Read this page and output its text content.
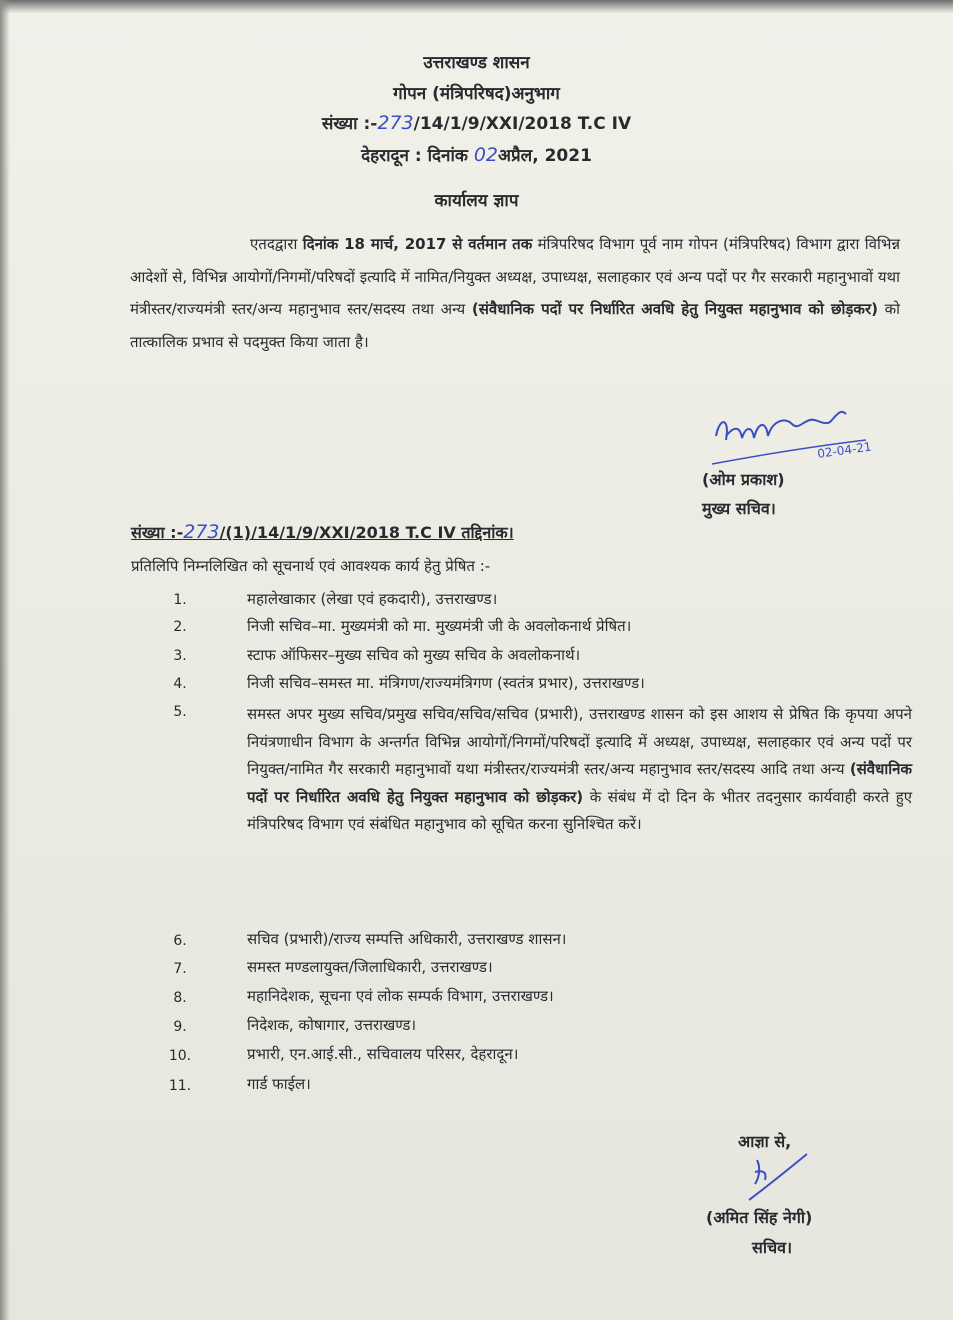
उत्तराखण्ड शासन
गोपन (मंत्रिपरिषद)अनुभाग
संख्या :-273/14/1/9/XXI/2018 T.C IV
देहरादून : दिनांक 02अप्रैल, 2021
कार्यालय ज्ञाप
एतदद्वारा दिनांक 18 मार्च, 2017 से वर्तमान तक मंत्रिपरिषद विभाग पूर्व नाम गोपन (मंत्रिपरिषद) विभाग द्वारा विभिन्न आदेशों से, विभिन्न आयोगों/निगमों/परिषदों इत्यादि में नामित/नियुक्त अध्यक्ष, उपाध्यक्ष, सलाहकार एवं अन्य पदों पर गैर सरकारी महानुभावों यथा मंत्रीस्तर/राज्यमंत्री स्तर/अन्य महानुभाव स्तर/सदस्य तथा अन्य (संवैधानिक पदों पर निर्धारित अवधि हेतु नियुक्त महानुभाव को छोड़कर) को तात्कालिक प्रभाव से पदमुक्त किया जाता है।
02-04-21
(ओम प्रकाश)
मुख्य सचिव।
संख्या :-273/(1)/14/1/9/XXI/2018 T.C IV तद्दिनांक।
प्रतिलिपि निम्नलिखित को सूचनार्थ एवं आवश्यक कार्य हेतु प्रेषित :-
1.	महालेखाकार (लेखा एवं हकदारी), उत्तराखण्ड।
2.	निजी सचिव–मा. मुख्यमंत्री को मा. मुख्यमंत्री जी के अवलोकनार्थ प्रेषित।
3.	स्टाफ ऑफिसर–मुख्य सचिव को मुख्य सचिव के अवलोकनार्थ।
4.	निजी सचिव–समस्त मा. मंत्रिगण/राज्यमंत्रिगण (स्वतंत्र प्रभार), उत्तराखण्ड।
5.	समस्त अपर मुख्य सचिव/प्रमुख सचिव/सचिव/सचिव (प्रभारी), उत्तराखण्ड शासन को इस आशय से प्रेषित कि कृपया अपने नियंत्रणाधीन विभाग के अन्तर्गत विभिन्न आयोगों/निगमों/परिषदों इत्यादि में अध्यक्ष, उपाध्यक्ष, सलाहकार एवं अन्य पदों पर नियुक्त/नामित गैर सरकारी महानुभावों यथा मंत्रीस्तर/राज्यमंत्री स्तर/अन्य महानुभाव स्तर/सदस्य आदि तथा अन्य (संवैधानिक पदों पर निर्धारित अवधि हेतु नियुक्त महानुभाव को छोड़कर) के संबंध में दो दिन के भीतर तदनुसार कार्यवाही करते हुए मंत्रिपरिषद विभाग एवं संबंधित महानुभाव को सूचित करना सुनिश्चित करें।
6.	सचिव (प्रभारी)/राज्य सम्पत्ति अधिकारी, उत्तराखण्ड शासन।
7.	समस्त मण्डलायुक्त/जिलाधिकारी, उत्तराखण्ड।
8.	महानिदेशक, सूचना एवं लोक सम्पर्क विभाग, उत्तराखण्ड।
9.	निदेशक, कोषागार, उत्तराखण्ड।
10.	प्रभारी, एन.आई.सी., सचिवालय परिसर, देहरादून।
11.	गार्ड फाईल।
आज्ञा से,
(अमित सिंह नेगी)
सचिव।
